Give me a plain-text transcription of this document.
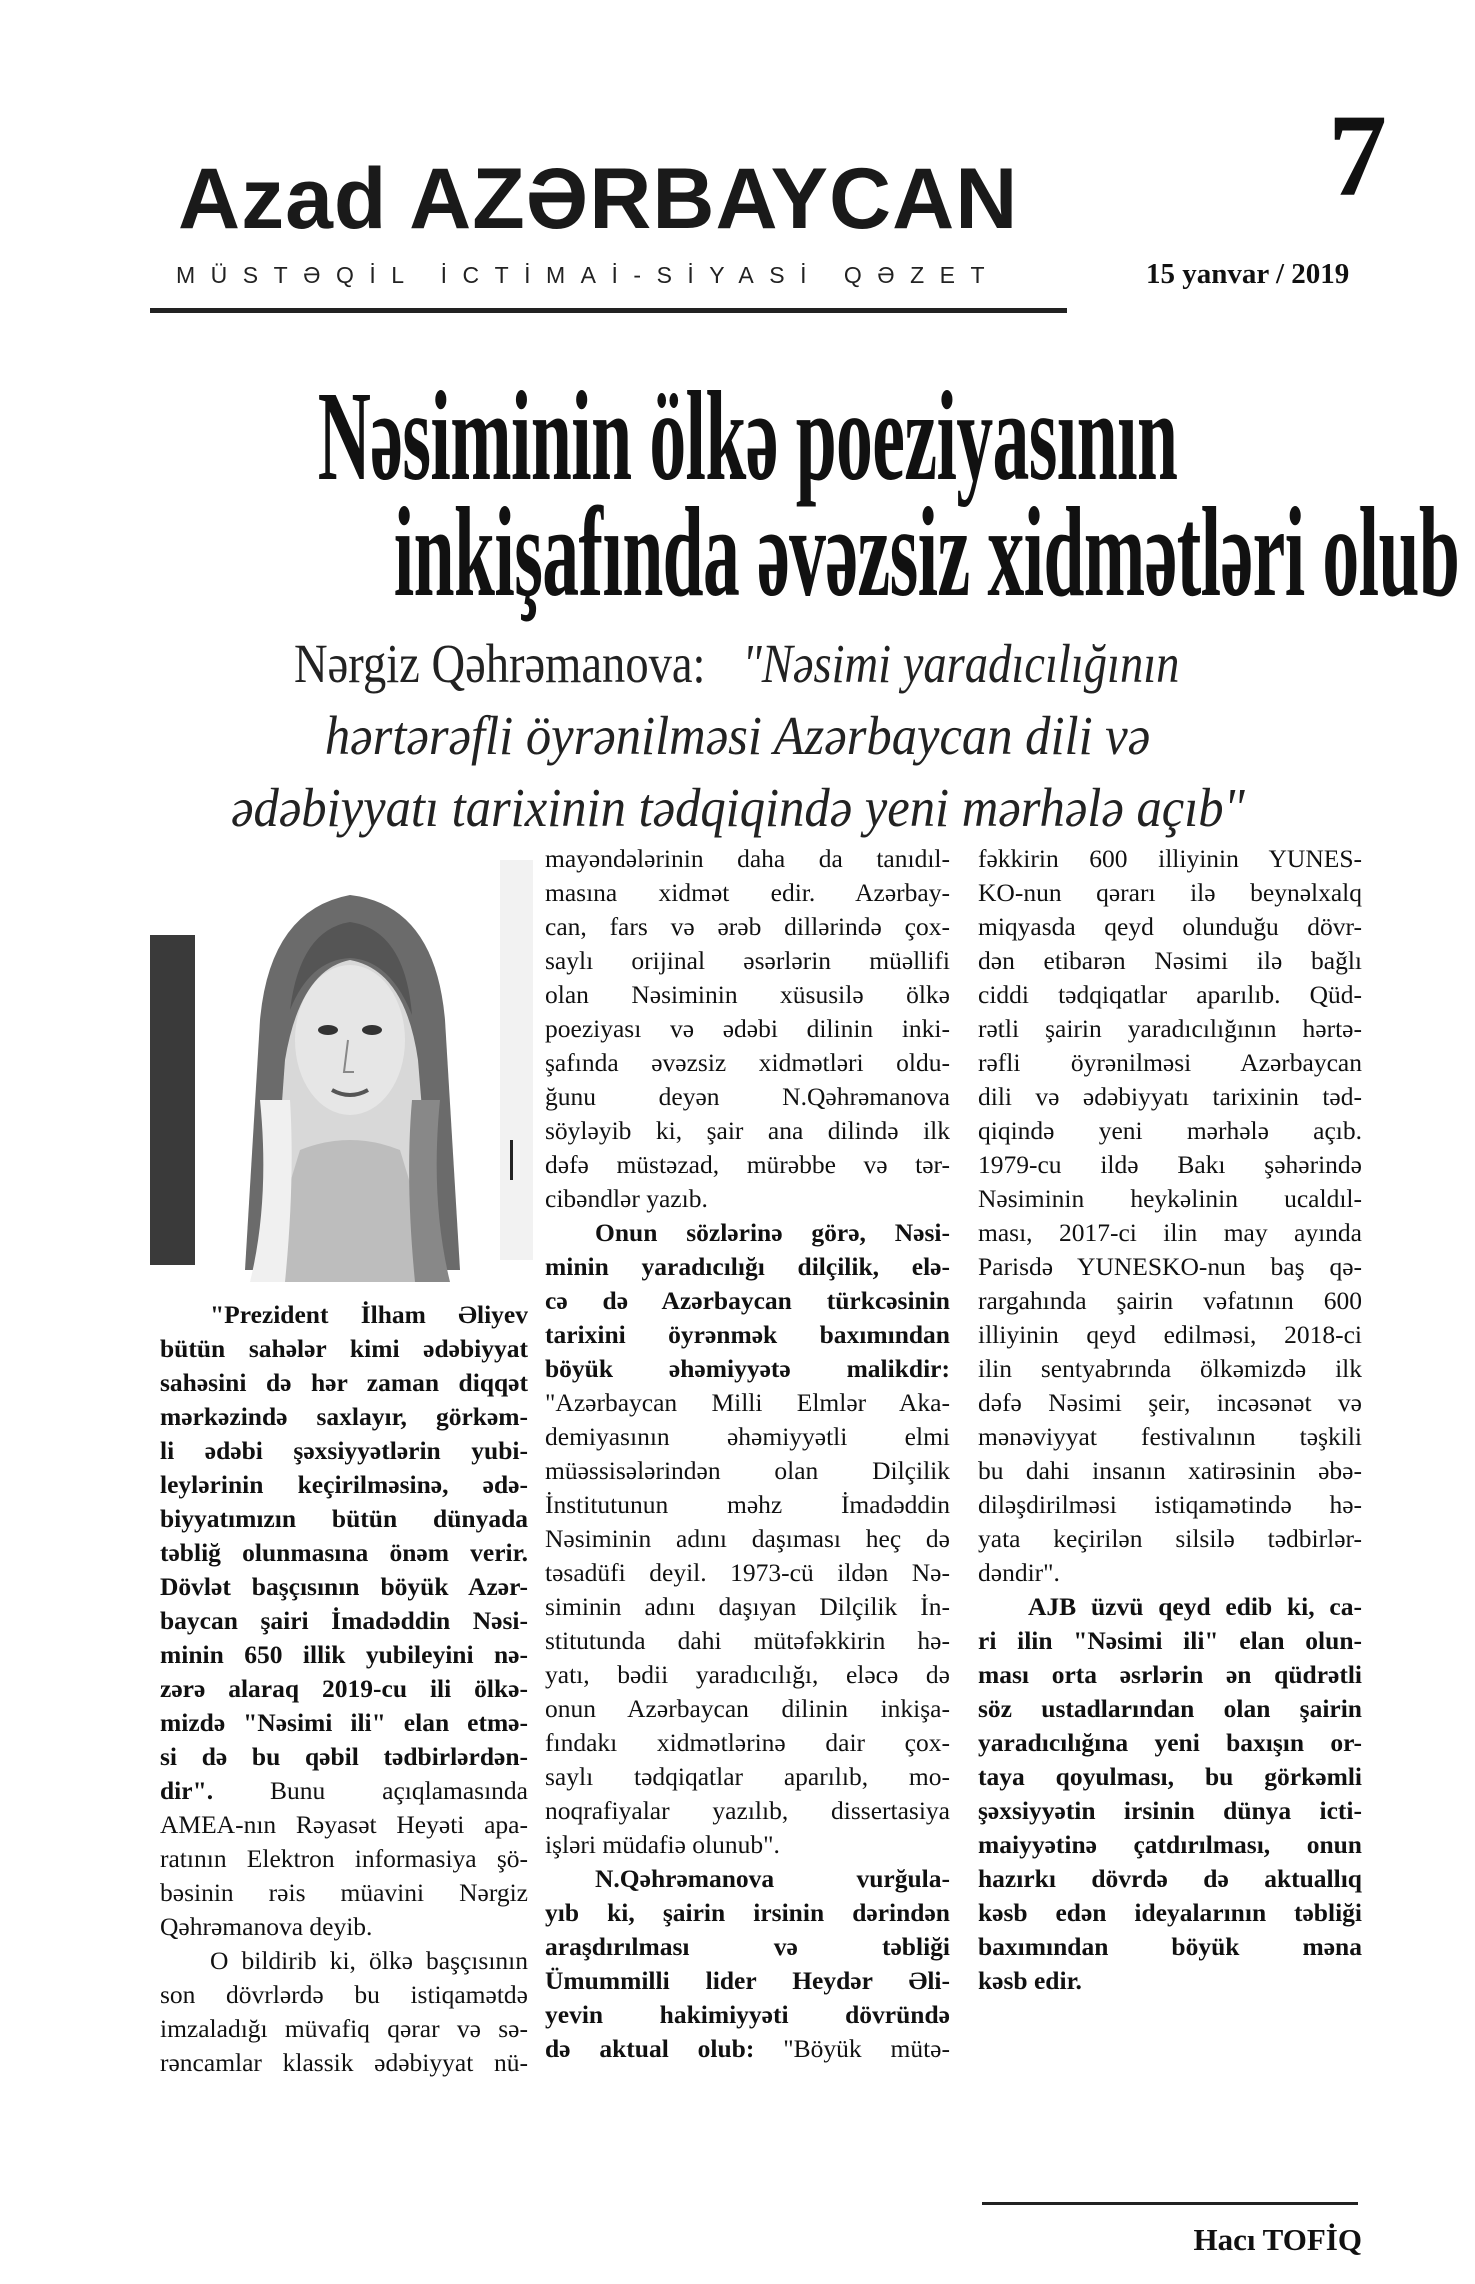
7
Azad AZƏRBAYCAN
MÜSTƏQİL İCTİMAİ-SİYASİ QƏZET	15 yanvar / 2019
Nəsiminin ölkə poeziyasının
inkişafında əvəzsiz xidmətləri olub
Nərgiz Qəhrəmanova:"Nəsimi yaradıcılığının
hərtərəfli öyrənilməsi Azərbaycan dili və
ədəbiyyatı tarixinin tədqiqində yeni mərhələ açıb"
"Prezident İlham Əliyev
bütün sahələr kimi ədəbiyyat
sahəsini də hər zaman diqqət
mərkəzində saxlayır, görkəm-
li ədəbi şəxsiyyətlərin yubi-
leylərinin keçirilməsinə, ədə-
biyyatımızın bütün dünyada
təbliğ olunmasına önəm verir.
Dövlət başçısının böyük Azər-
baycan şairi İmadəddin Nəsi-
minin 650 illik yubileyini nə-
zərə alaraq 2019-cu ili ölkə-
mizdə "Nəsimi ili" elan etmə-
si də bu qəbil tədbirlərdən-
dir". Bunu açıqlamasında
AMEA-nın Rəyasət Heyəti apa-
ratının Elektron informasiya şö-
bəsinin rəis müavini Nərgiz
Qəhrəmanova deyib.
O bildirib ki, ölkə başçısının
son dövrlərdə bu istiqamətdə
imzaladığı müvafiq qərar və sə-
rəncamlar klassik ədəbiyyat nü-
mayəndələrinin daha da tanıdıl-
masına xidmət edir. Azərbay-
can, fars və ərəb dillərində çox-
saylı orijinal əsərlərin müəllifi
olan Nəsiminin xüsusilə ölkə
poeziyası və ədəbi dilinin inki-
şafında əvəzsiz xidmətləri oldu-
ğunu deyən N.Qəhrəmanova
söyləyib ki, şair ana dilində ilk
dəfə müstəzad, mürəbbe və tər-
cibəndlər yazıb.
Onun sözlərinə görə, Nəsi-
minin yaradıcılığı dilçilik, elə-
cə də Azərbaycan türkcəsinin
tarixini öyrənmək baxımından
böyük əhəmiyyətə malikdir:
"Azərbaycan Milli Elmlər Aka-
demiyasının əhəmiyyətli elmi
müəssisələrindən olan Dilçilik
İnstitutunun məhz İmadəddin
Nəsiminin adını daşıması heç də
təsadüfi deyil. 1973-cü ildən Nə-
siminin adını daşıyan Dilçilik İn-
stitutunda dahi mütəfəkkirin hə-
yatı, bədii yaradıcılığı, eləcə də
onun Azərbaycan dilinin inkişa-
fındakı xidmətlərinə dair çox-
saylı tədqiqatlar aparılıb, mo-
noqrafiyalar yazılıb, dissertasiya
işləri müdafiə olunub".
N.Qəhrəmanova vurğula-
yıb ki, şairin irsinin dərindən
araşdırılması və təbliği
Ümummilli lider Heydər Əli-
yevin hakimiyyəti dövründə
də aktual olub: "Böyük mütə-
fəkkirin 600 illiyinin YUNES-
KO-nun qərarı ilə beynəlxalq
miqyasda qeyd olunduğu dövr-
dən etibarən Nəsimi ilə bağlı
ciddi tədqiqatlar aparılıb. Qüd-
rətli şairin yaradıcılığının hərtə-
rəfli öyrənilməsi Azərbaycan
dili və ədəbiyyatı tarixinin təd-
qiqində yeni mərhələ açıb.
1979-cu ildə Bakı şəhərində
Nəsiminin heykəlinin ucaldıl-
ması, 2017-ci ilin may ayında
Parisdə YUNESKO-nun baş qə-
rargahında şairin vəfatının 600
illiyinin qeyd edilməsi, 2018-ci
ilin sentyabrında ölkəmizdə ilk
dəfə Nəsimi şeir, incəsənət və
mənəviyyat festivalının təşkili
bu dahi insanın xatirəsinin əbə-
diləşdirilməsi istiqamətində hə-
yata keçirilən silsilə tədbirlər-
dəndir".
AJB üzvü qeyd edib ki, ca-
ri ilin "Nəsimi ili" elan olun-
ması orta əsrlərin ən qüdrətli
söz ustadlarından olan şairin
yaradıcılığına yeni baxışın or-
taya qoyulması, bu görkəmli
şəxsiyyətin irsinin dünya icti-
maiyyətinə çatdırılması, onun
hazırkı dövrdə də aktuallıq
kəsb edən ideyalarının təbliği
baxımından böyük məna
kəsb edir.
Hacı TOFİQ
